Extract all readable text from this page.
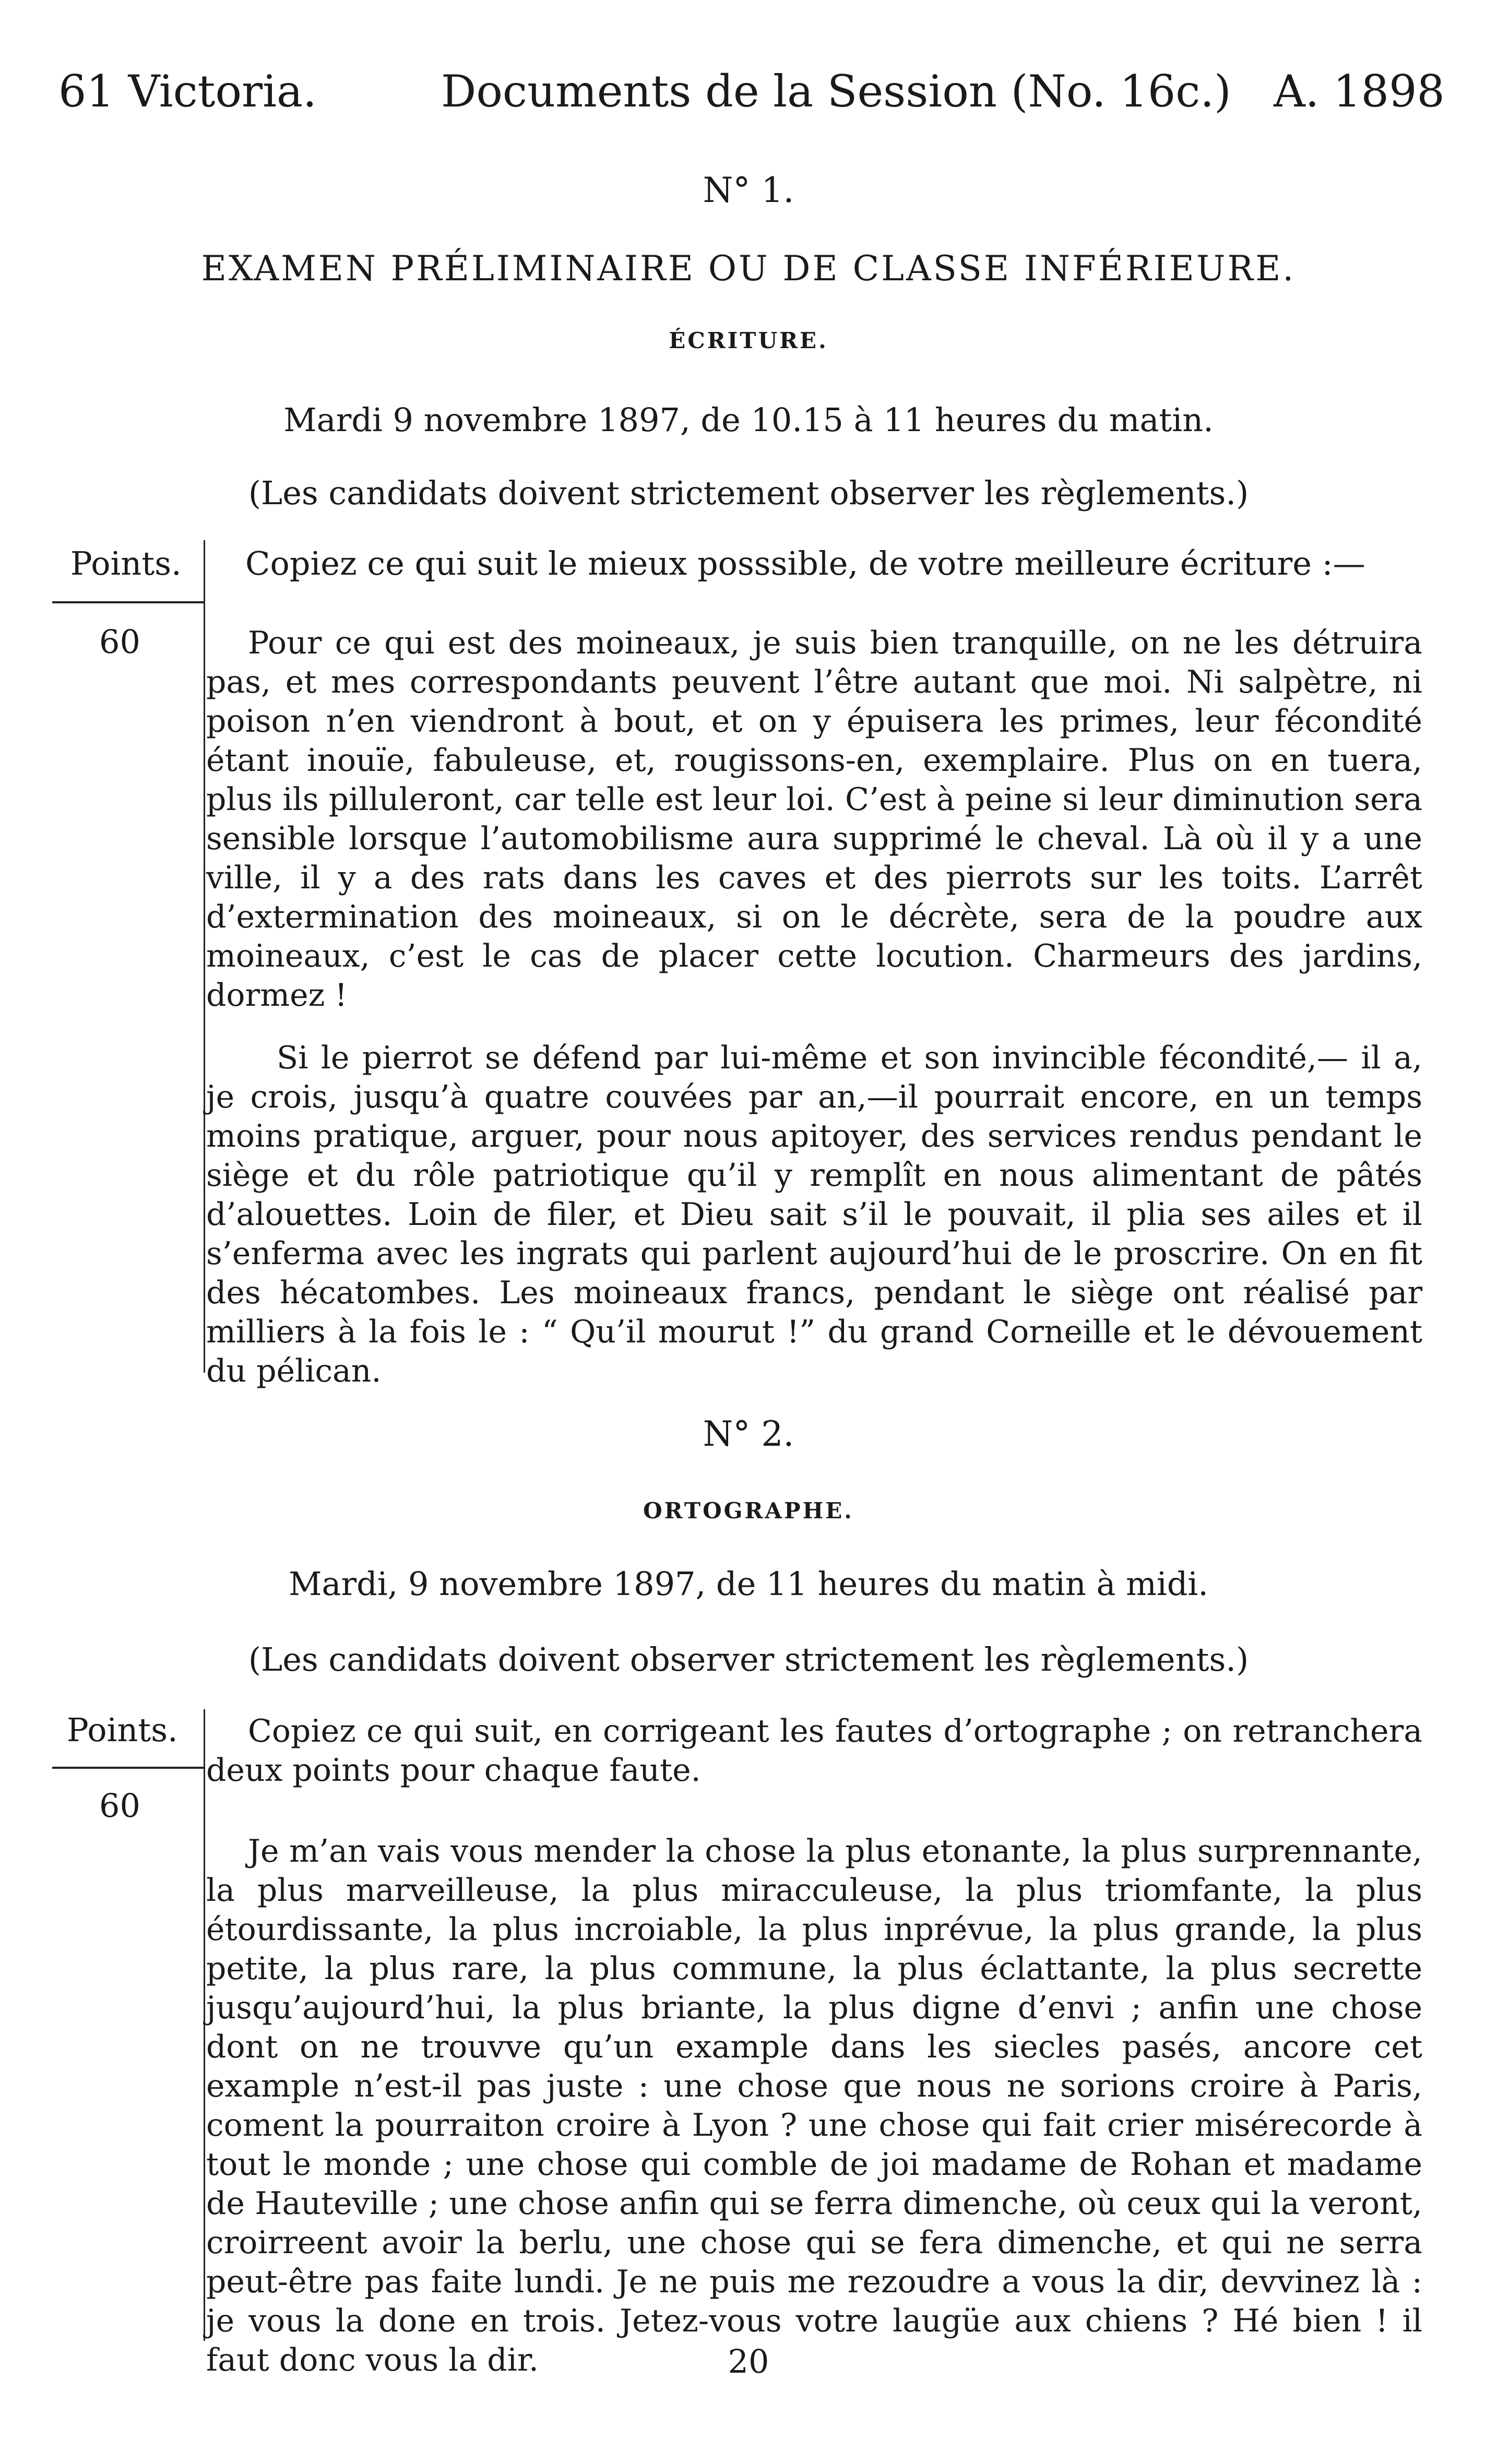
61 Victoria.	Documents de la Session (No. 16c.) A. 1898
N° 1.
EXAMEN PRÉLIMINAIRE OU DE CLASSE INFÉRIEURE.
ÉCRITURE.
Mardi 9 novembre 1897, de 10.15 à 11 heures du matin.
(Les candidats doivent strictement observer les règlements.)
Points.
60
Copiez ce qui suit le mieux posssible, de votre meilleure écriture :—

Pour ce qui est des moineaux, je suis bien tranquille, on ne les détruira pas, et mes correspondants peuvent l’être autant que moi. Ni salpètre, ni poison n’en viendront à bout, et on y épuisera les primes, leur fécondité étant inouïe, fabuleuse, et, rougissons-en, exemplaire. Plus on en tuera, plus ils pilluleront, car telle est leur loi. C’est à peine si leur diminution sera sensible lorsque l’automobilisme aura supprimé le cheval. Là où il y a une ville, il y a des rats dans les caves et des pierrots sur les toits. L’arrêt d’extermination des moineaux, si on le décrète, sera de la poudre aux moineaux, c’est le cas de placer cette locution. Charmeurs des jardins, dormez !

Si le pierrot se défend par lui-même et son invincible fécondité,— il a, je crois, jusqu’à quatre couvées par an,—il pourrait encore, en un temps moins pratique, arguer, pour nous apitoyer, des services rendus pendant le siège et du rôle patriotique qu’il y remplît en nous alimentant de pâtés d’alouettes. Loin de filer, et Dieu sait s’il le pouvait, il plia ses ailes et il s’enferma avec les ingrats qui parlent aujourd’hui de le proscrire. On en fit des hécatombes. Les moineaux francs, pendant le siège ont réalisé par milliers à la fois le : “ Qu’il mourut !” du grand Corneille et le dévouement du pélican.

N° 2.
ORTOGRAPHE.
Mardi, 9 novembre 1897, de 11 heures du matin à midi.
(Les candidats doivent observer strictement les règlements.)
Points.
60

Copiez ce qui suit, en corrigeant les fautes d’ortographe ; on retranchera deux points pour chaque faute.

Je m’an vais vous mender la chose la plus etonante, la plus surprennante, la plus marveilleuse, la plus miracculeuse, la plus triomfante, la plus étourdissante, la plus incroiable, la plus inprévue, la plus grande, la plus petite, la plus rare, la plus commune, la plus éclattante, la plus secrette jusqu’aujourd’hui, la plus briante, la plus digne d’envi ; anfin une chose dont on ne trouvve qu’un example dans les siecles pasés, ancore cet example n’est-il pas juste : une chose que nous ne sorions croire à Paris, coment la pourraiton croire à Lyon ? une chose qui fait crier misérecorde à tout le monde ; une chose qui comble de joi madame de Rohan et madame de Hauteville ; une chose anfin qui se ferra dimenche, où ceux qui la veront, croirreent avoir la berlu, une chose qui se fera dimenche, et qui ne serra peut-être pas faite lundi. Je ne puis me rezoudre a vous la dir, devvinez là : je vous la done en trois. Jetez-vous votre laugüe aux chiens ? Hé bien ! il faut donc vous la dir.	20
